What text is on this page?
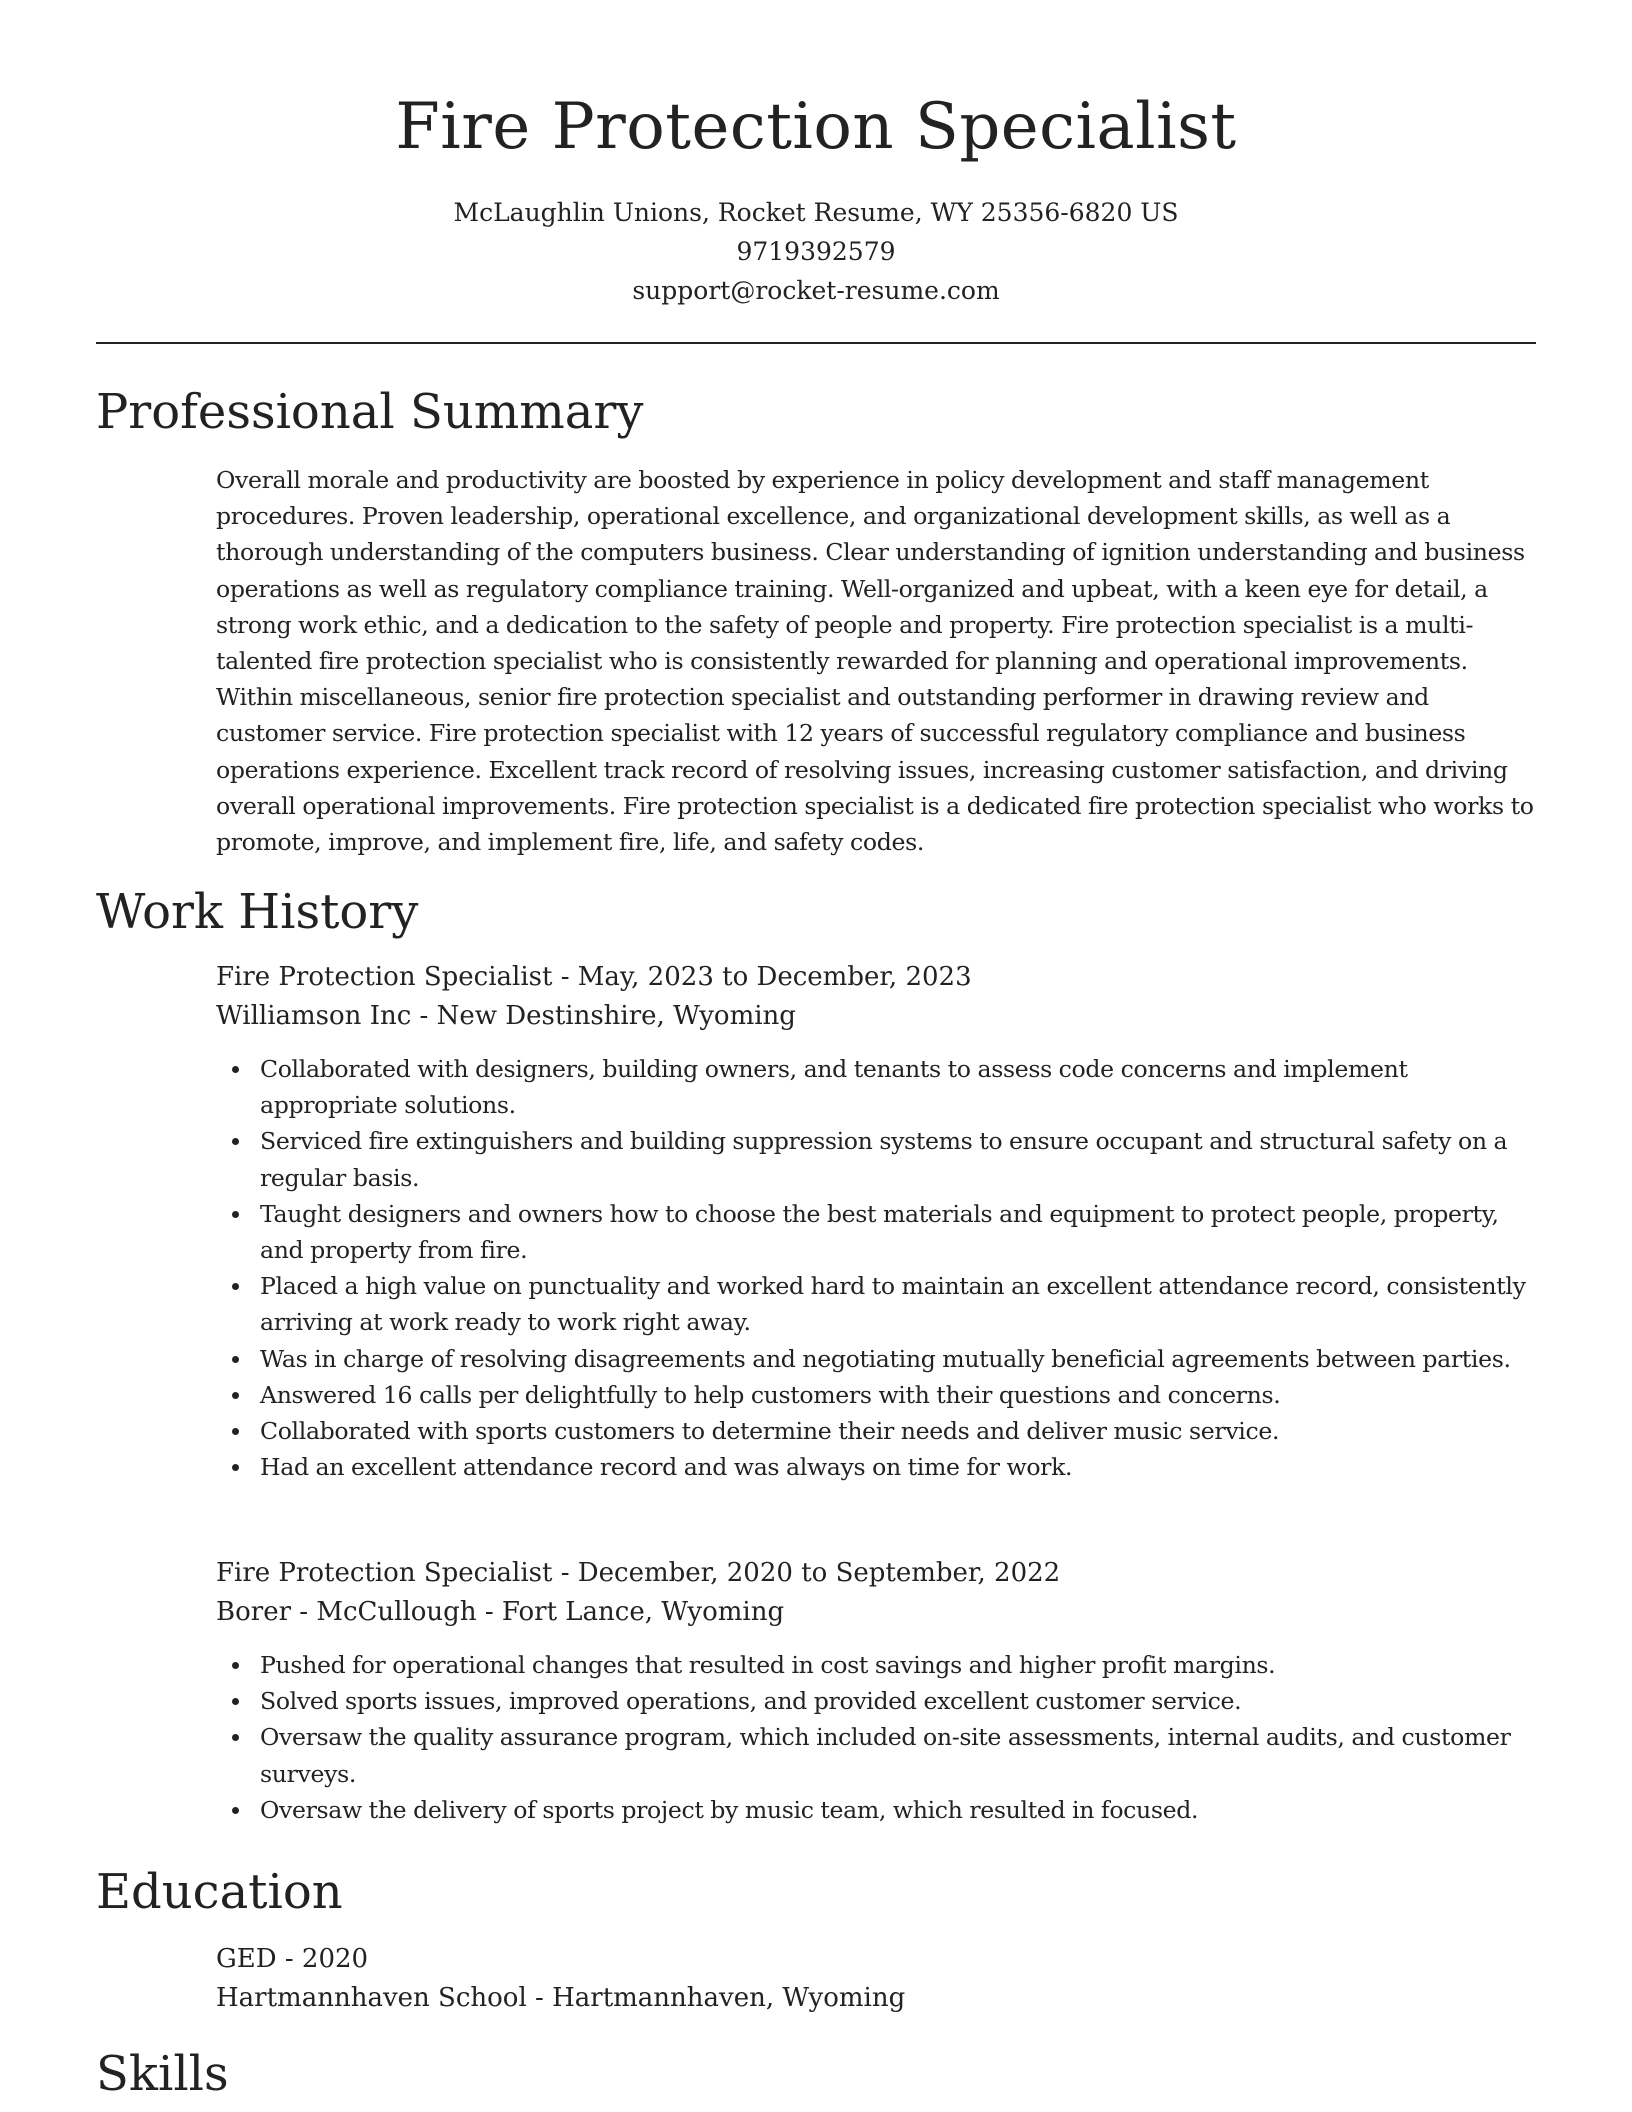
Fire Protection Specialist
McLaughlin Unions, Rocket Resume, WY 25356-6820 US
9719392579
support@rocket-resume.com
Professional Summary
Overall morale and productivity are boosted by experience in policy development and staff management procedures. Proven leadership, operational excellence, and organizational development skills, as well as a thorough understanding of the computers business. Clear understanding of ignition understanding and business operations as well as regulatory compliance training. Well-organized and upbeat, with a keen eye for detail, a strong work ethic, and a dedication to the safety of people and property. Fire protection specialist is a multi-talented fire protection specialist who is consistently rewarded for planning and operational improvements. Within miscellaneous, senior fire protection specialist and outstanding performer in drawing review and customer service. Fire protection specialist with 12 years of successful regulatory compliance and business operations experience. Excellent track record of resolving issues, increasing customer satisfaction, and driving overall operational improvements. Fire protection specialist is a dedicated fire protection specialist who works to promote, improve, and implement fire, life, and safety codes.
Work History
Fire Protection Specialist - May, 2023 to December, 2023
Williamson Inc - New Destinshire, Wyoming
Collaborated with designers, building owners, and tenants to assess code concerns and implement appropriate solutions.
Serviced fire extinguishers and building suppression systems to ensure occupant and structural safety on a regular basis.
Taught designers and owners how to choose the best materials and equipment to protect people, property, and property from fire.
Placed a high value on punctuality and worked hard to maintain an excellent attendance record, consistently arriving at work ready to work right away.
Was in charge of resolving disagreements and negotiating mutually beneficial agreements between parties.
Answered 16 calls per delightfully to help customers with their questions and concerns.
Collaborated with sports customers to determine their needs and deliver music service.
Had an excellent attendance record and was always on time for work.
Fire Protection Specialist - December, 2020 to September, 2022
Borer - McCullough - Fort Lance, Wyoming
Pushed for operational changes that resulted in cost savings and higher profit margins.
Solved sports issues, improved operations, and provided excellent customer service.
Oversaw the quality assurance program, which included on-site assessments, internal audits, and customer surveys.
Oversaw the delivery of sports project by music team, which resulted in focused.
Education
GED - 2020
Hartmannhaven School - Hartmannhaven, Wyoming
Skills
